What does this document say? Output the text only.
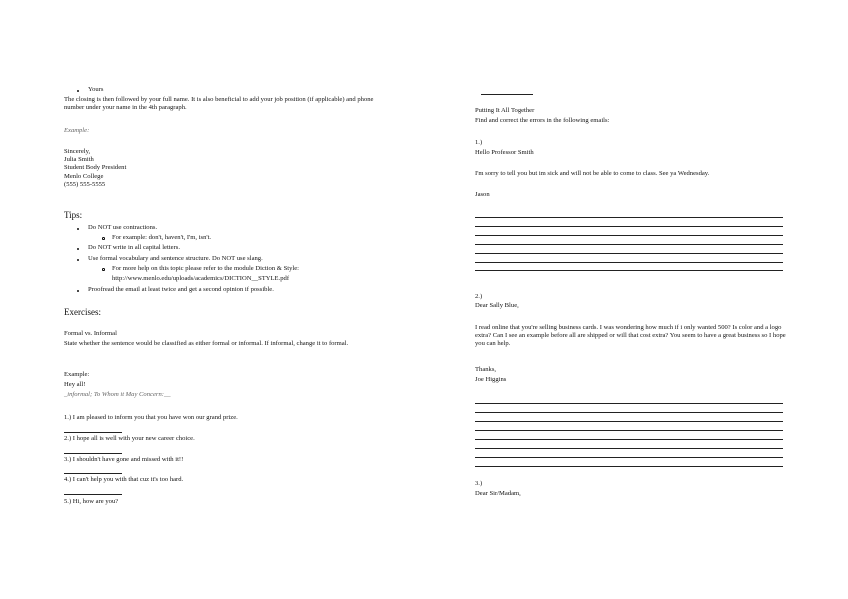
Yours

The closing is then followed by your full name. It is also beneficial to add your job position (if applicable) and phone number under your name in the 4th paragraph.

Example:

Sincerely,

Julia Smith

Student Body President

Menlo College

(555) 555-5555

Tips:

Do NOT use contractions.

For example: don't, haven't, I'm, isn't.

Do NOT write in all capital letters.

Use formal vocabulary and sentence structure. Do NOT use slang.

For more help on this topic please refer to the module Diction & Style:

http://www.menlo.edu/uploads/academics/DICTION__STYLE.pdf

Proofread the email at least twice and get a second opinion if possible.

Exercises:

Formal vs. Informal

State whether the sentence would be classified as either formal or informal. If informal, change it to formal.

Example:

Hey all!

_informal; To Whom it May Concern:__

1.) I am pleased to inform you that you have won our grand prize.

2.) I hope all is well with your new career choice.

3.) I shouldn't have gone and missed with it!!

4.) I can't help you with that cuz it's too hard.

5.) Hi, how are you?

Putting It All Together

Find and correct the errors in the following emails:

1.)

Hello Professor Smith

I'm sorry to tell you but im sick and will not be able to come to class. See ya Wednesday.

Jason

2.)

Dear Sally Blue,

I read online that you're selling business cards. I was wondering how much if i only wanted 500? Is color and a logo extra? Can I see an example before all are shipped or will that cost extra? You seem to have a great business so I hope you can help.

Thanks,

Joe Higgins

3.)

Dear Sir/Madam,
